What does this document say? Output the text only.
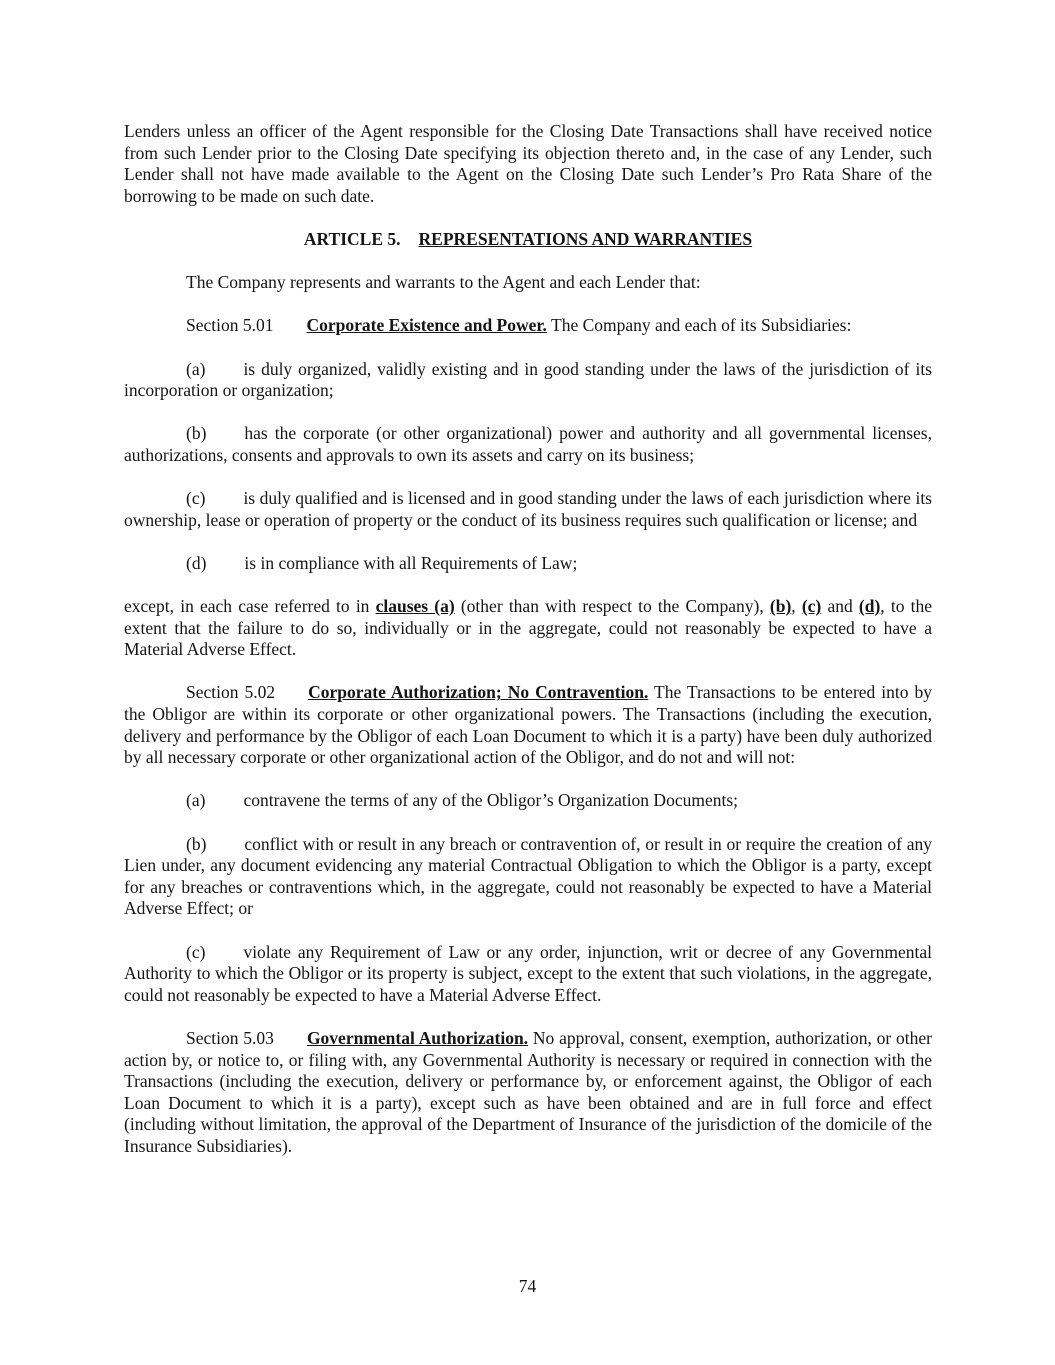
Lenders unless an officer of the Agent responsible for the Closing Date Transactions shall have received notice from such Lender prior to the Closing Date specifying its objection thereto and, in the case of any Lender, such Lender shall not have made available to the Agent on the Closing Date such Lender’s Pro Rata Share of the borrowing to be made on such date.

ARTICLE 5. REPRESENTATIONS AND WARRANTIES

The Company represents and warrants to the Agent and each Lender that:

Section 5.01 Corporate Existence and Power. The Company and each of its Subsidiaries:

(a) is duly organized, validly existing and in good standing under the laws of the jurisdiction of its incorporation or organization;

(b) has the corporate (or other organizational) power and authority and all governmental licenses, authorizations, consents and approvals to own its assets and carry on its business;

(c) is duly qualified and is licensed and in good standing under the laws of each jurisdiction where its ownership, lease or operation of property or the conduct of its business requires such qualification or license; and

(d) is in compliance with all Requirements of Law;

except, in each case referred to in clauses (a) (other than with respect to the Company), (b), (c) and (d), to the extent that the failure to do so, individually or in the aggregate, could not reasonably be expected to have a Material Adverse Effect.

Section 5.02 Corporate Authorization; No Contravention. The Transactions to be entered into by the Obligor are within its corporate or other organizational powers. The Transactions (including the execution, delivery and performance by the Obligor of each Loan Document to which it is a party) have been duly authorized by all necessary corporate or other organizational action of the Obligor, and do not and will not:

(a) contravene the terms of any of the Obligor’s Organization Documents;

(b) conflict with or result in any breach or contravention of, or result in or require the creation of any Lien under, any document evidencing any material Contractual Obligation to which the Obligor is a party, except for any breaches or contraventions which, in the aggregate, could not reasonably be expected to have a Material Adverse Effect; or

(c) violate any Requirement of Law or any order, injunction, writ or decree of any Governmental Authority to which the Obligor or its property is subject, except to the extent that such violations, in the aggregate, could not reasonably be expected to have a Material Adverse Effect.

Section 5.03 Governmental Authorization. No approval, consent, exemption, authorization, or other action by, or notice to, or filing with, any Governmental Authority is necessary or required in connection with the Transactions (including the execution, delivery or performance by, or enforcement against, the Obligor of each Loan Document to which it is a party), except such as have been obtained and are in full force and effect (including without limitation, the approval of the Department of Insurance of the jurisdiction of the domicile of the Insurance Subsidiaries).

74
